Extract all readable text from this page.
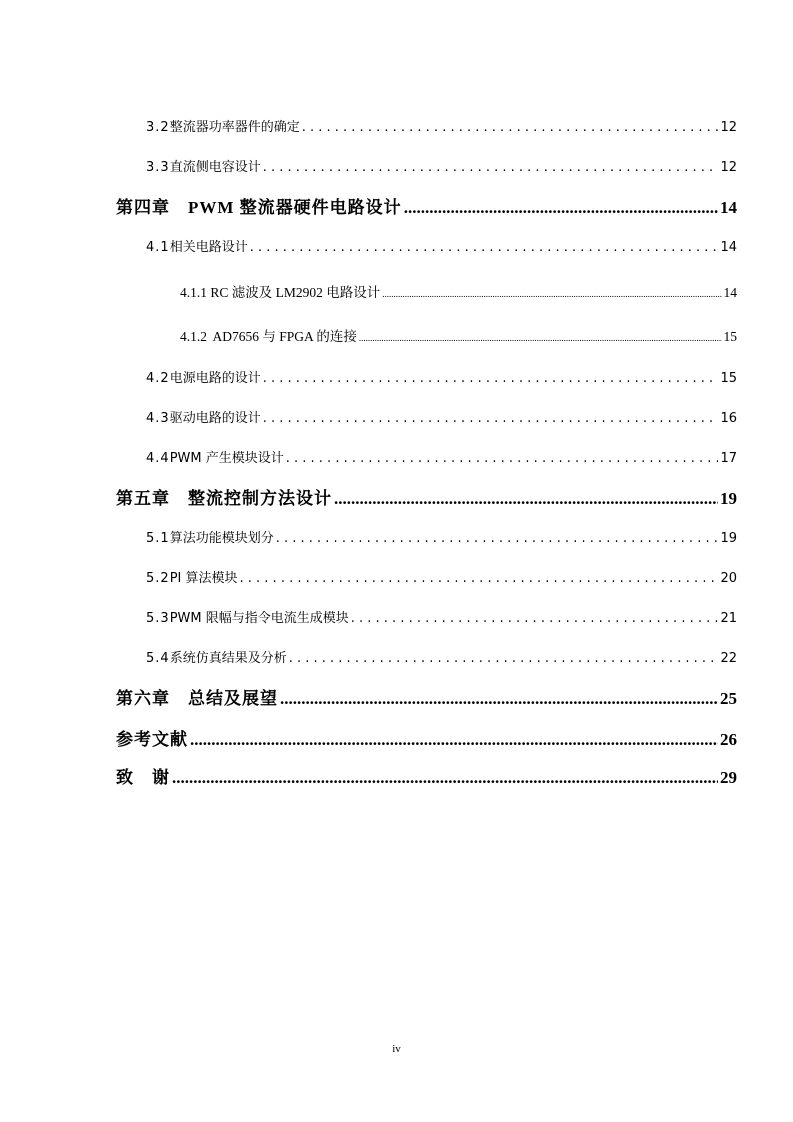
3.2 整流器功率器件的确定 . . .	12
3.3 直流侧电容设计 . . .	12
第四章　PWM 整流器硬件电路设计 .....	14
4.1 相关电路设计 . . .	14
4.1.1 RC 滤波及 LM2902 电路设计 .....	14
4.1.2 AD7656 与 FPGA 的连接 .....	15
4.2 电源电路的设计 . . .	15
4.3 驱动电路的设计 . . .	16
4.4 PWM 产生模块设计 . . .	17
第五章　整流控制方法设计 .....	19
5.1 算法功能模块划分 . . .	19
5.2 PI 算法模块 . . .	20
5.3 PWM 限幅与指令电流生成模块 . . .	21
5.4 系统仿真结果及分析 . . .	22
第六章　总结及展望 .....	25
参考文献 .....	26
致　谢 .....	29
iv
